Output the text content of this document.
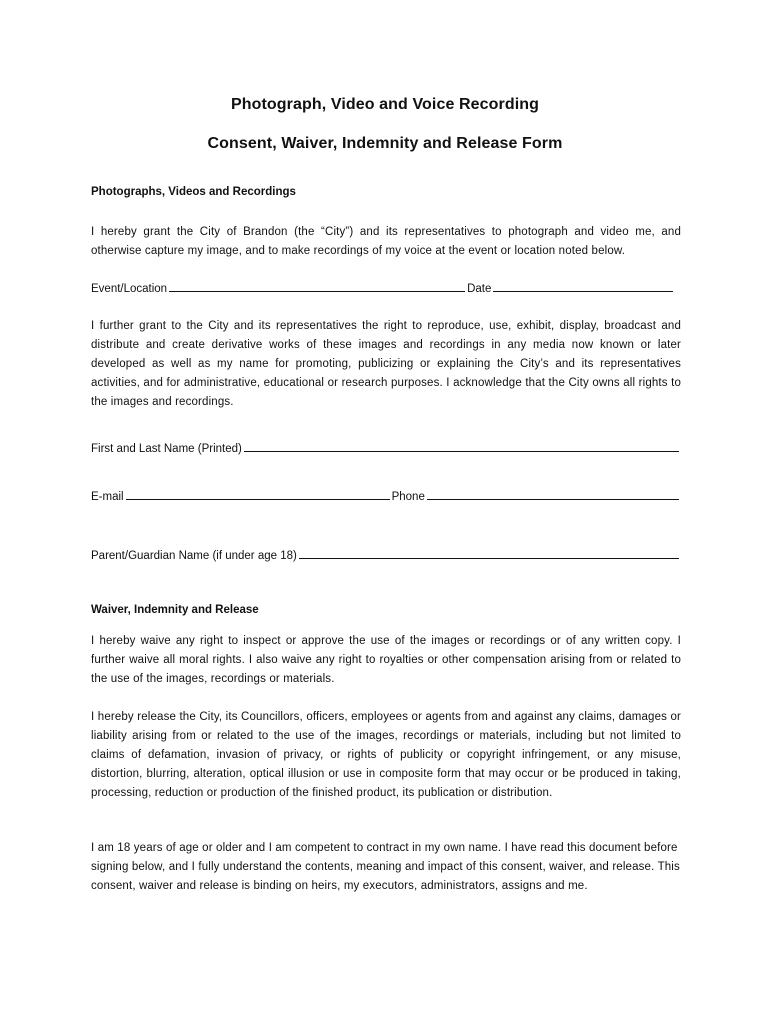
Photograph, Video and Voice Recording
Consent, Waiver, Indemnity and Release Form
Photographs, Videos and Recordings

I hereby grant the City of Brandon (the “City”) and its representatives to photograph and video me, and otherwise capture my image, and to make recordings of my voice at the event or location noted below.

Event/Location	Date

I further grant to the City and its representatives the right to reproduce, use, exhibit, display, broadcast and distribute and create derivative works of these images and recordings in any media now known or later developed as well as my name for promoting, publicizing or explaining the City’s and its representatives activities, and for administrative, educational or research purposes. I acknowledge that the City owns all rights to the images and recordings.

First and Last Name (Printed)
E-mail	Phone
Parent/Guardian Name (if under age 18)
Waiver, Indemnity and Release

I hereby waive any right to inspect or approve the use of the images or recordings or of any written copy. I further waive all moral rights. I also waive any right to royalties or other compensation arising from or related to the use of the images, recordings or materials.

I hereby release the City, its Councillors, officers, employees or agents from and against any claims, damages or liability arising from or related to the use of the images, recordings or materials, including but not limited to claims of defamation, invasion of privacy, or rights of publicity or copyright infringement, or any misuse, distortion, blurring, alteration, optical illusion or use in composite form that may occur or be produced in taking, processing, reduction or production of the finished product, its publication or distribution.

I am 18 years of age or older and I am competent to contract in my own name. I have read this document before signing below, and I fully understand the contents, meaning and impact of this consent, waiver, and release. This consent, waiver and release is binding on heirs, my executors, administrators, assigns and me.
